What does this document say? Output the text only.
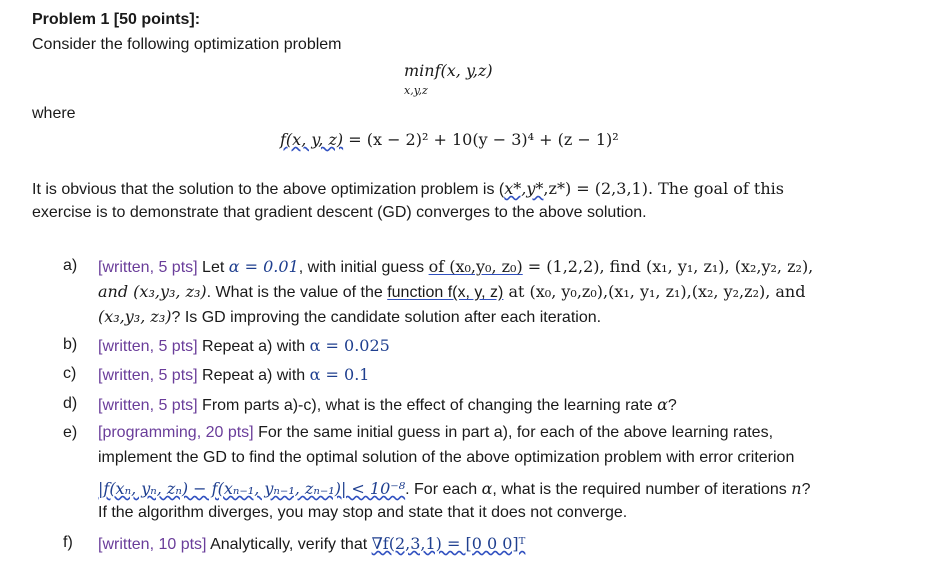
Problem 1 [50 points]:
Consider the following optimization problem
minf(x, y,z)
x,y,z
where
f(x, y, z) = (x − 2)² + 10(y − 3)⁴ + (z − 1)²
It is obvious that the solution to the above optimization problem is (x*,y*,z*) = (2,3,1). The goal of this
exercise is to demonstrate that gradient descent (GD) converges to the above solution.
a) [written, 5 pts] Let α = 0.01, with initial guess of (x₀,y₀, z₀) = (1,2,2), find (x₁, y₁, z₁), (x₂,y₂, z₂),
and (x₃,y₃, z₃). What is the value of the function f(x, y, z) at (x₀, y₀,z₀),(x₁, y₁, z₁),(x₂, y₂,z₂), and
(x₃,y₃, z₃)? Is GD improving the candidate solution after each iteration.
b) [written, 5 pts] Repeat a) with α = 0.025
c) [written, 5 pts] Repeat a) with α = 0.1
d) [written, 5 pts] From parts a)-c), what is the effect of changing the learning rate α?
e) [programming, 20 pts] For the same initial guess in part a), for each of the above learning rates,
implement the GD to find the optimal solution of the above optimization problem with error criterion
|f(xₙ, yₙ, zₙ) − f(xₙ₋₁, yₙ₋₁, zₙ₋₁)| < 10⁻⁸. For each α, what is the required number of iterations n?
If the algorithm diverges, you may stop and state that it does not converge.
f) [written, 10 pts] Analytically, verify that ∇f(2,3,1) = [0 0 0]ᵀ
